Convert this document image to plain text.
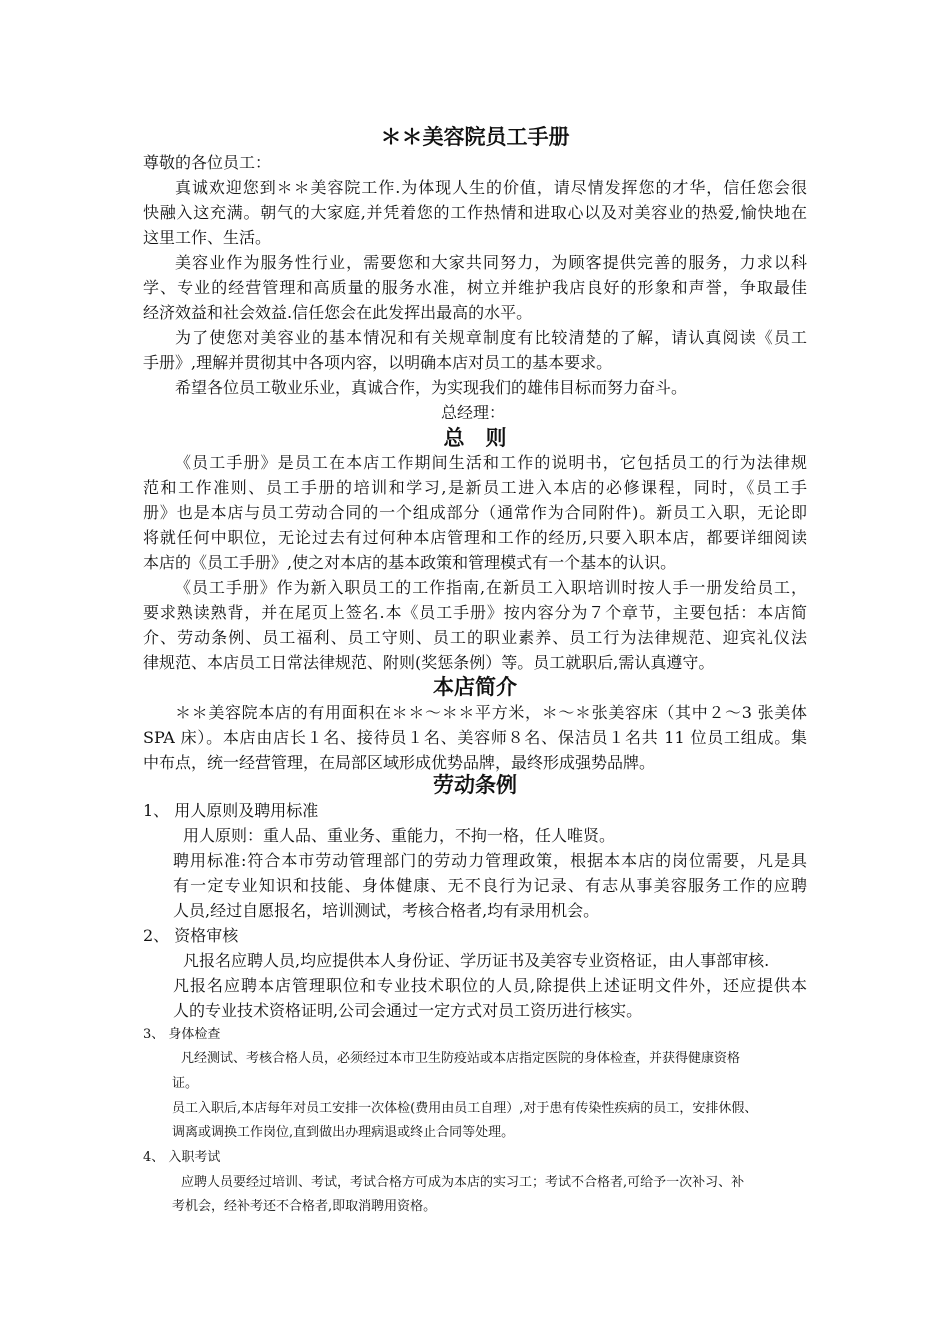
＊＊美容院员工手册
尊敬的各位员工：
真诚欢迎您到＊＊美容院工作.为体现人生的价值，请尽情发挥您的才华，信任您会很
快融入这充满。朝气的大家庭,并凭着您的工作热情和进取心以及对美容业的热爱,愉快地在
这里工作、生活。
美容业作为服务性行业，需要您和大家共同努力，为顾客提供完善的服务，力求以科
学、专业的经营管理和高质量的服务水准，树立并维护我店良好的形象和声誉，争取最佳
经济效益和社会效益.信任您会在此发挥出最高的水平。
为了使您对美容业的基本情况和有关规章制度有比较清楚的了解，请认真阅读《员工
手册》,理解并贯彻其中各项内容，以明确本店对员工的基本要求。
希望各位员工敬业乐业，真诚合作，为实现我们的雄伟目标而努力奋斗。
总经理：
总　则
《员工手册》是员工在本店工作期间生活和工作的说明书，它包括员工的行为法律规
范和工作准则、员工手册的培训和学习,是新员工进入本店的必修课程，同时，《员工手
册》也是本店与员工劳动合同的一个组成部分（通常作为合同附件)。新员工入职，无论即
将就任何中职位，无论过去有过何种本店管理和工作的经历,只要入职本店，都要详细阅读
本店的《员工手册》,使之对本店的基本政策和管理模式有一个基本的认识。
《员工手册》作为新入职员工的工作指南,在新员工入职培训时按人手一册发给员工，
要求熟读熟背，并在尾页上签名.本《员工手册》按内容分为７个章节，主要包括：本店简
介、劳动条例、员工福利、员工守则、员工的职业素养、员工行为法律规范、迎宾礼仪法
律规范、本店员工日常法律规范、附则(奖惩条例）等。员工就职后,需认真遵守。
本店简介
＊＊美容院本店的有用面积在＊＊～＊＊平方米，＊～＊张美容床（其中２～3 张美体
SPA 床）。本店由店长１名、接待员１名、美容师８名、保洁员１名共 11 位员工组成。集
中布点，统一经营管理，在局部区域形成优势品牌，最终形成强势品牌。
劳动条例
1、 用人原则及聘用标准
用人原则：重人品、重业务、重能力，不拘一格，任人唯贤。
聘用标准:符合本市劳动管理部门的劳动力管理政策，根据本本店的岗位需要，凡是具
有一定专业知识和技能、身体健康、无不良行为记录、有志从事美容服务工作的应聘
人员,经过自愿报名，培训测试，考核合格者,均有录用机会。
2、 资格审核
凡报名应聘人员,均应提供本人身份证、学历证书及美容专业资格证，由人事部审核.
凡报名应聘本店管理职位和专业技术职位的人员,除提供上述证明文件外，还应提供本
人的专业技术资格证明,公司会通过一定方式对员工资历进行核实。
3、 身体检查
凡经测试、考核合格人员，必须经过本市卫生防疫站或本店指定医院的身体检查，并获得健康资格
证。
员工入职后,本店每年对员工安排一次体检(费用由员工自理）,对于患有传染性疾病的员工，安排休假、
调离或调换工作岗位,直到做出办理病退或终止合同等处理。
4、 入职考试
应聘人员要经过培训、考试，考试合格方可成为本店的实习工；考试不合格者,可给予一次补习、补
考机会，经补考还不合格者,即取消聘用资格。
